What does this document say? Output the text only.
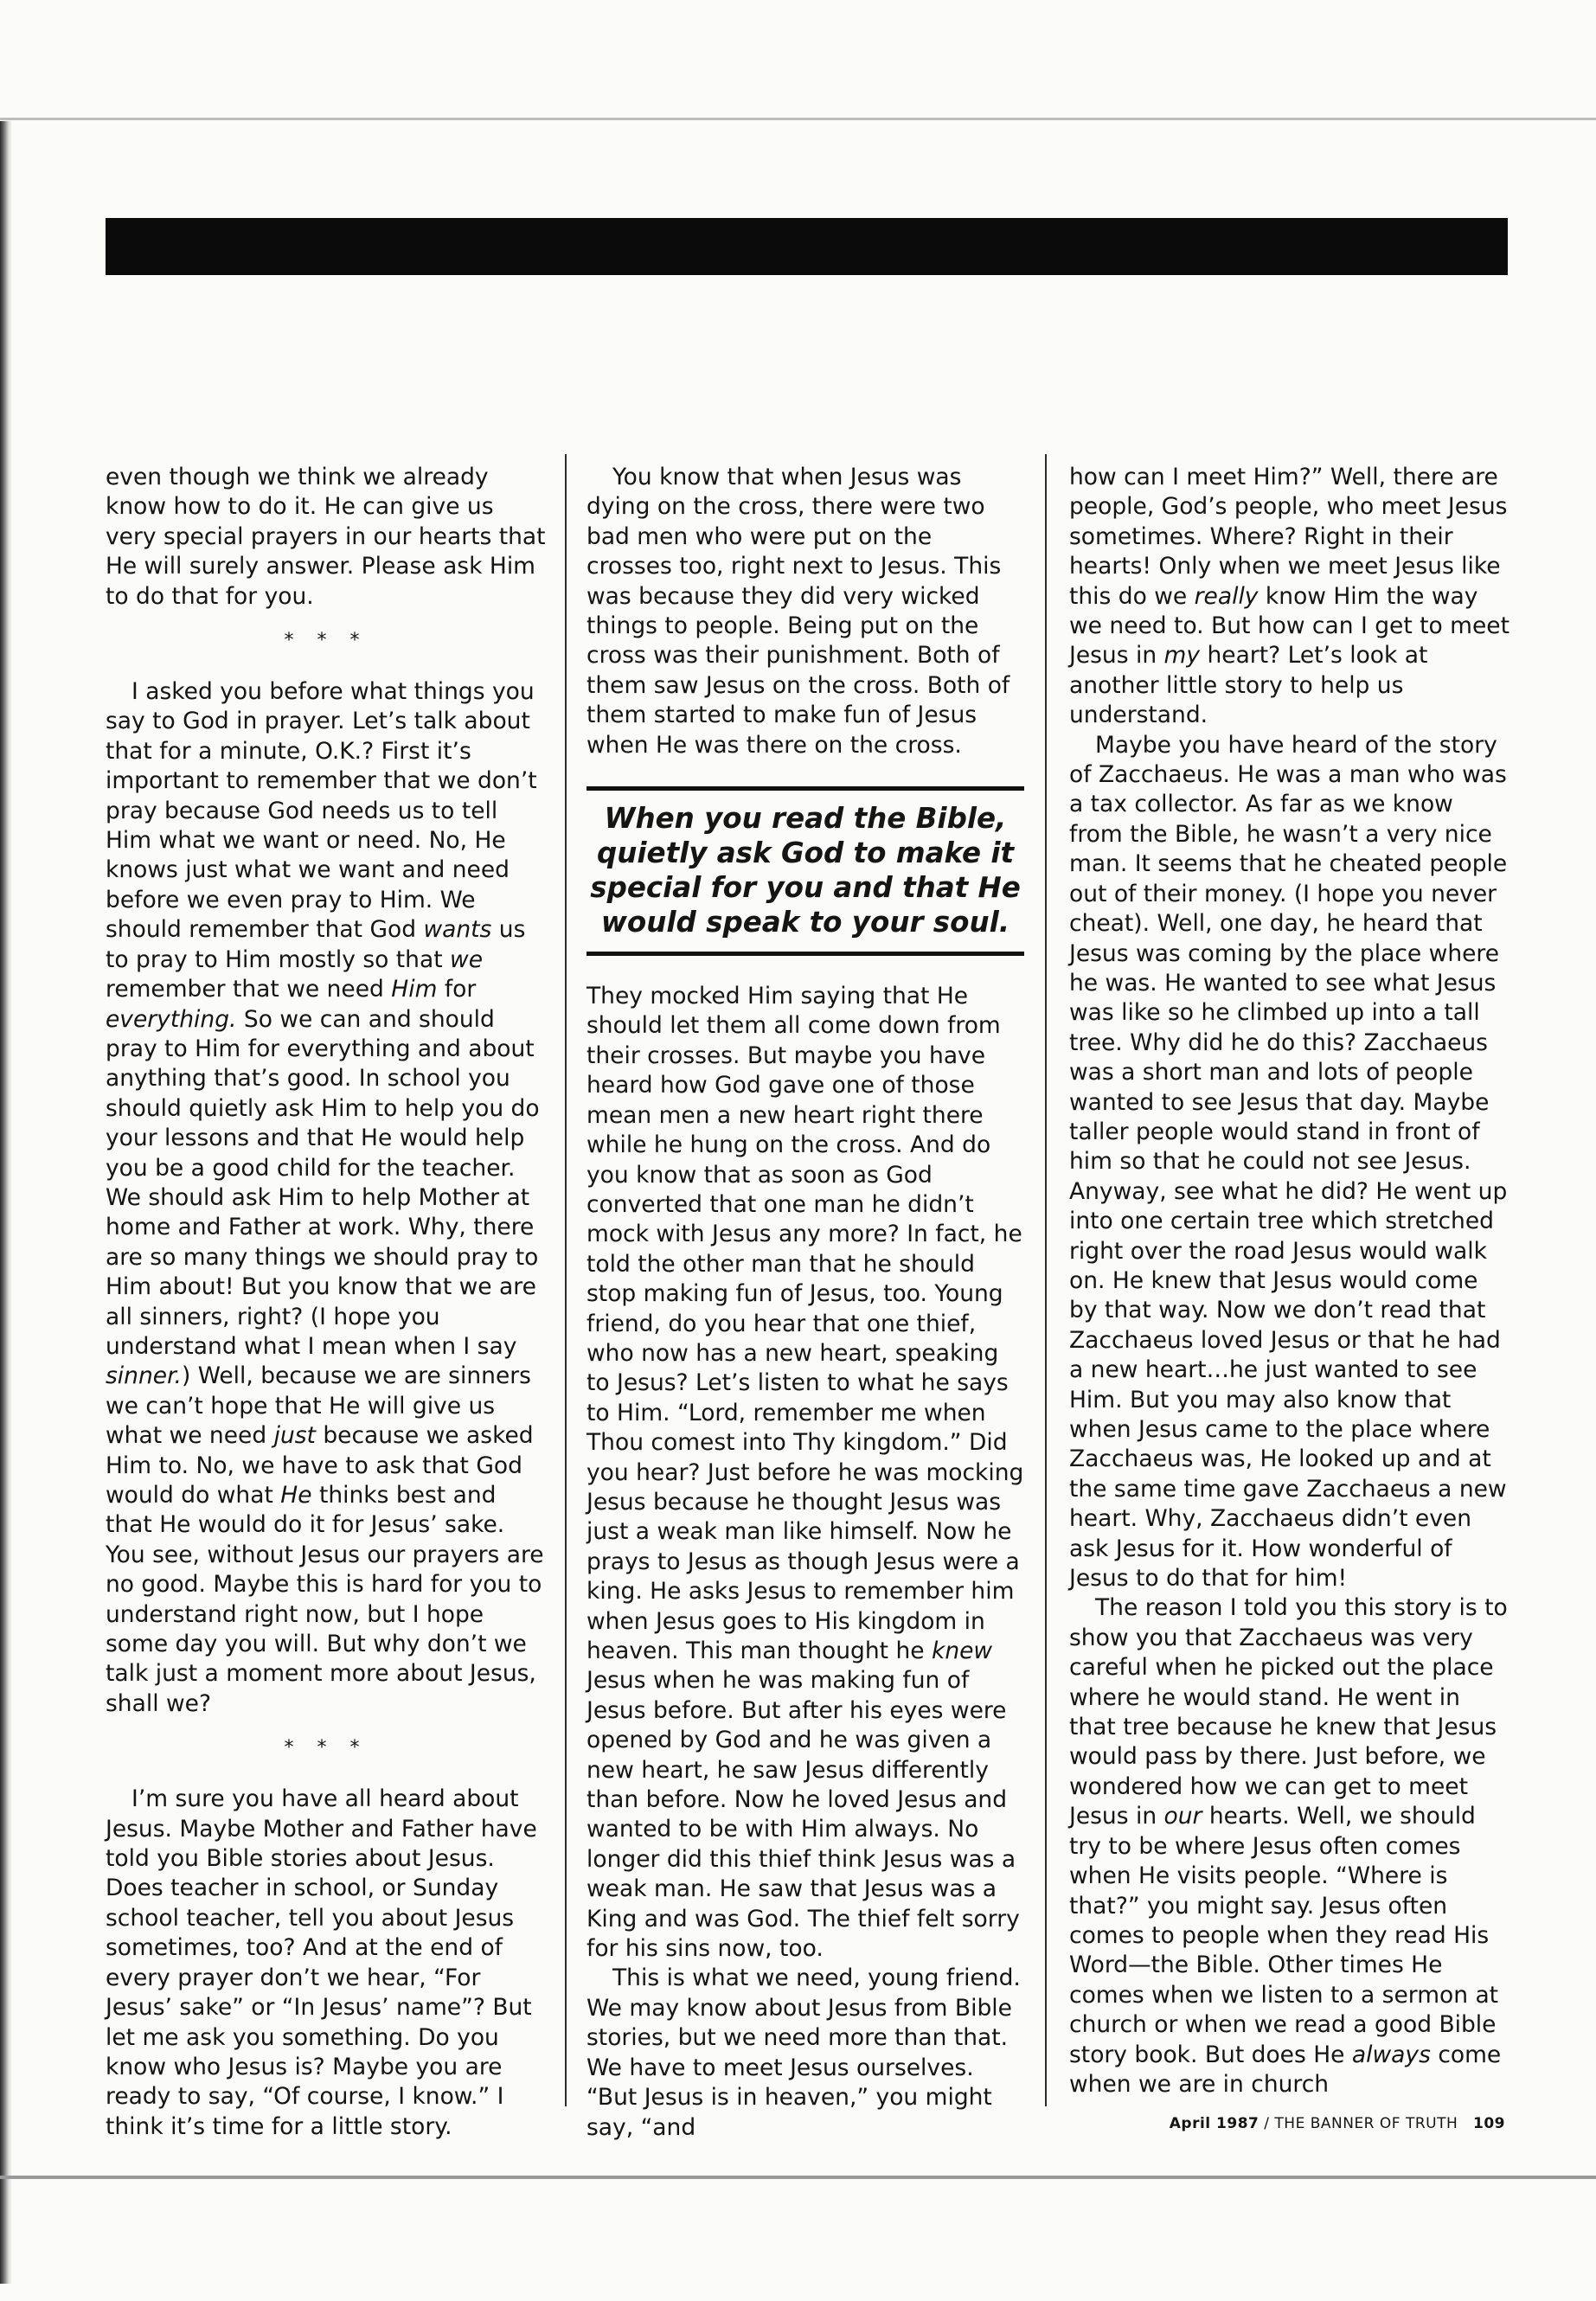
even though we think we already know how to do it. He can give us very special prayers in our hearts that He will surely answer. Please ask Him to do that for you.

* * *

I asked you before what things you say to God in prayer. Let’s talk about that for a minute, O.K.? First it’s important to remember that we don’t pray because God needs us to tell Him what we want or need. No, He knows just what we want and need before we even pray to Him. We should remember that God wants us to pray to Him mostly so that we remember that we need Him for everything. So we can and should pray to Him for everything and about anything that’s good. In school you should quietly ask Him to help you do your lessons and that He would help you be a good child for the teacher. We should ask Him to help Mother at home and Father at work. Why, there are so many things we should pray to Him about! But you know that we are all sinners, right? (I hope you understand what I mean when I say sinner.) Well, because we are sinners we can’t hope that He will give us what we need just because we asked Him to. No, we have to ask that God would do what He thinks best and that He would do it for Jesus’ sake. You see, without Jesus our prayers are no good. Maybe this is hard for you to understand right now, but I hope some day you will. But why don’t we talk just a moment more about Jesus, shall we?

* * *

I’m sure you have all heard about Jesus. Maybe Mother and Father have told you Bible stories about Jesus. Does teacher in school, or Sunday school teacher, tell you about Jesus sometimes, too? And at the end of every prayer don’t we hear, “For Jesus’ sake” or “In Jesus’ name”? But let me ask you something. Do you know who Jesus is? Maybe you are ready to say, “Of course, I know.” I think it’s time for a little story.

You know that when Jesus was dying on the cross, there were two bad men who were put on the crosses too, right next to Jesus. This was because they did very wicked things to people. Being put on the cross was their punishment. Both of them saw Jesus on the cross. Both of them started to make fun of Jesus when He was there on the cross.

When you read the Bible,
quietly ask God to make it
special for you and that He
would speak to your soul.

They mocked Him saying that He should let them all come down from their crosses. But maybe you have heard how God gave one of those mean men a new heart right there while he hung on the cross. And do you know that as soon as God converted that one man he didn’t mock with Jesus any more? In fact, he told the other man that he should stop making fun of Jesus, too. Young friend, do you hear that one thief, who now has a new heart, speaking to Jesus? Let’s listen to what he says to Him. “Lord, remember me when Thou comest into Thy kingdom.” Did you hear? Just before he was mocking Jesus because he thought Jesus was just a weak man like himself. Now he prays to Jesus as though Jesus were a king. He asks Jesus to remember him when Jesus goes to His kingdom in heaven. This man thought he knew Jesus when he was making fun of Jesus before. But after his eyes were opened by God and he was given a new heart, he saw Jesus differently than before. Now he loved Jesus and wanted to be with Him always. No longer did this thief think Jesus was a weak man. He saw that Jesus was a King and was God. The thief felt sorry for his sins now, too.

This is what we need, young friend. We may know about Jesus from Bible stories, but we need more than that. We have to meet Jesus ourselves. “But Jesus is in heaven,” you might say, “and

how can I meet Him?” Well, there are people, God’s people, who meet Jesus sometimes. Where? Right in their hearts! Only when we meet Jesus like this do we really know Him the way we need to. But how can I get to meet Jesus in my heart? Let’s look at another little story to help us understand.

Maybe you have heard of the story of Zacchaeus. He was a man who was a tax collector. As far as we know from the Bible, he wasn’t a very nice man. It seems that he cheated people out of their money. (I hope you never cheat). Well, one day, he heard that Jesus was coming by the place where he was. He wanted to see what Jesus was like so he climbed up into a tall tree. Why did he do this? Zacchaeus was a short man and lots of people wanted to see Jesus that day. Maybe taller people would stand in front of him so that he could not see Jesus. Anyway, see what he did? He went up into one certain tree which stretched right over the road Jesus would walk on. He knew that Jesus would come by that way. Now we don’t read that Zacchaeus loved Jesus or that he had a new heart…he just wanted to see Him. But you may also know that when Jesus came to the place where Zacchaeus was, He looked up and at the same time gave Zacchaeus a new heart. Why, Zacchaeus didn’t even ask Jesus for it. How wonderful of Jesus to do that for him!

The reason I told you this story is to show you that Zacchaeus was very careful when he picked out the place where he would stand. He went in that tree because he knew that Jesus would pass by there. Just before, we wondered how we can get to meet Jesus in our hearts. Well, we should try to be where Jesus often comes when He visits people. “Where is that?” you might say. Jesus often comes to people when they read His Word—the Bible. Other times He comes when we listen to a sermon at church or when we read a good Bible story book. But does He always come when we are in church

April 1987 / THE BANNER OF TRUTH 109
